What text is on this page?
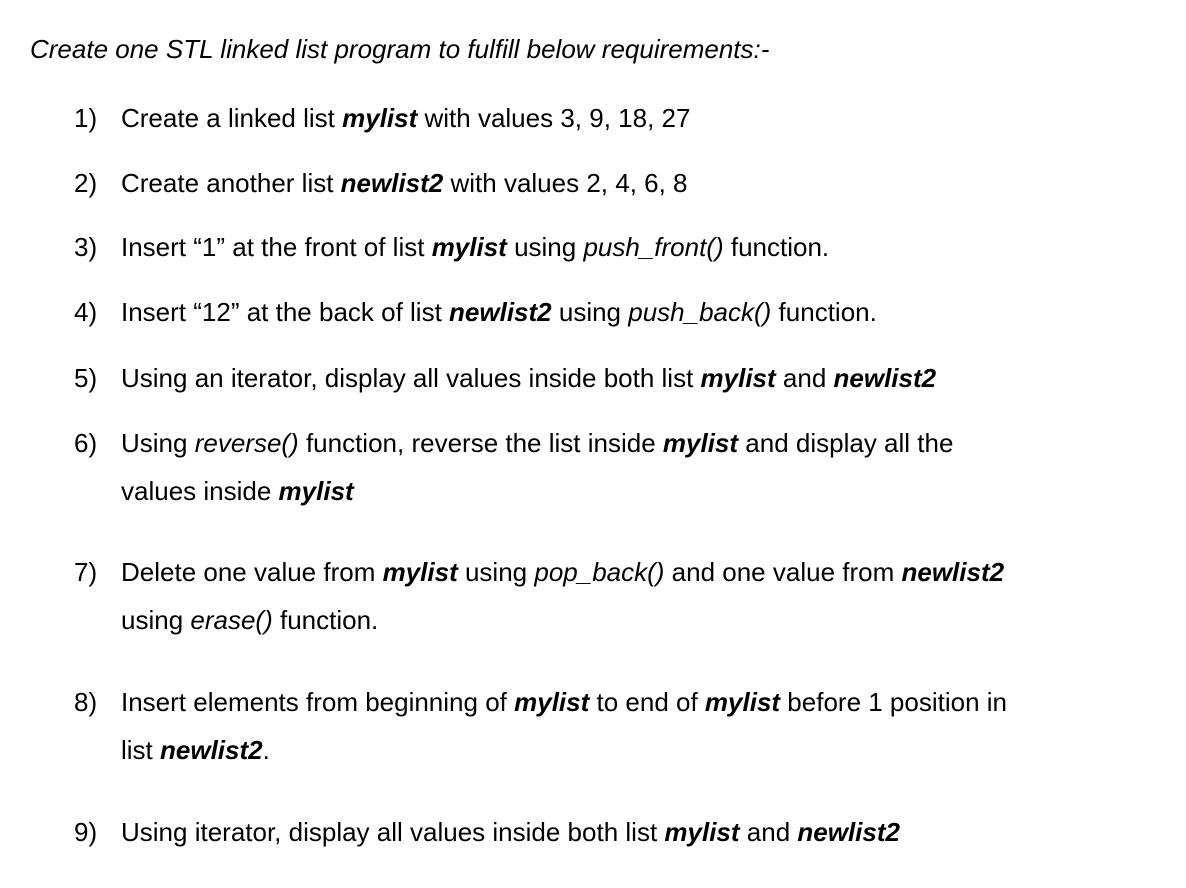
Create one STL linked list program to fulfill below requirements:-
1) Create a linked list mylist with values 3, 9, 18, 27
2) Create another list newlist2 with values 2, 4, 6, 8
3) Insert “1” at the front of list mylist using push_front() function.
4) Insert “12” at the back of list newlist2 using push_back() function.
5) Using an iterator, display all values inside both list mylist and newlist2
6) Using reverse() function, reverse the list inside mylist and display all the
values inside mylist
7) Delete one value from mylist using pop_back() and one value from newlist2
using erase() function.
8) Insert elements from beginning of mylist to end of mylist before 1 position in
list newlist2.
9) Using iterator, display all values inside both list mylist and newlist2
